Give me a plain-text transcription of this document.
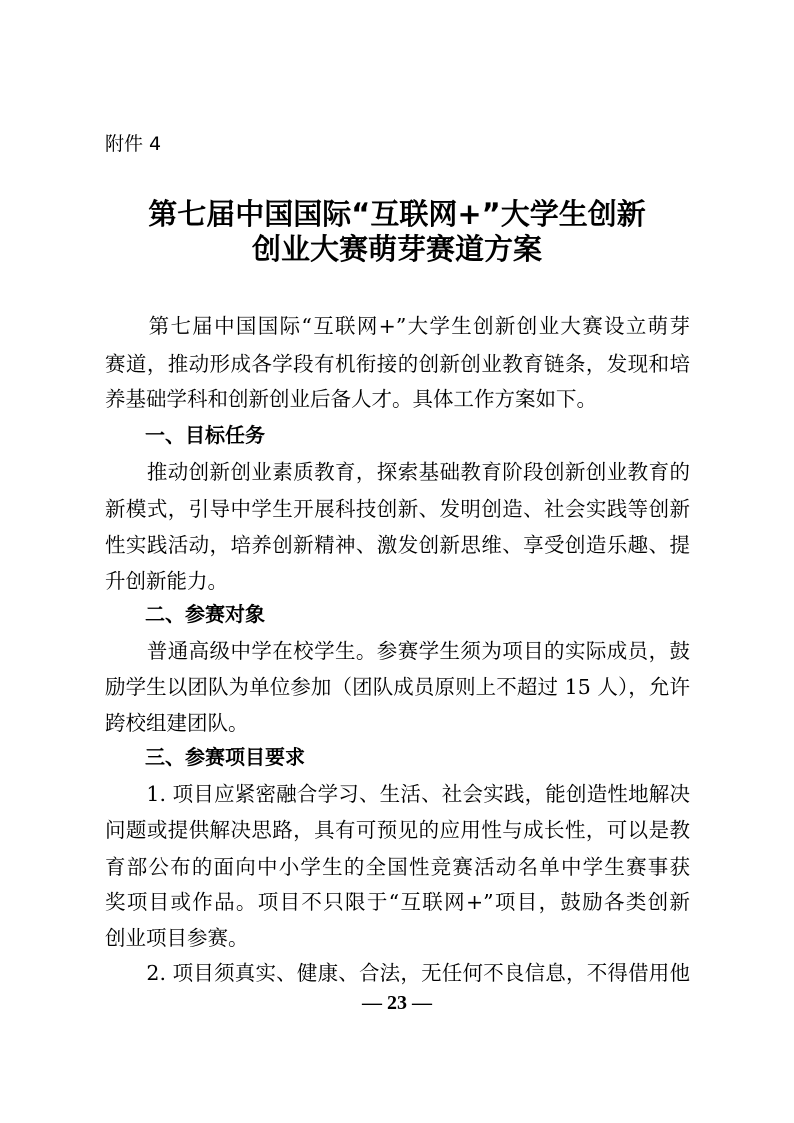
附件 4
第七届中国国际“互联网+”大学生创新
创业大赛萌芽赛道方案
　　第七届中国国际“互联网+”大学生创新创业大赛设立萌芽
赛道，推动形成各学段有机衔接的创新创业教育链条，发现和培
养基础学科和创新创业后备人才。具体工作方案如下。
一、目标任务
　　推动创新创业素质教育，探索基础教育阶段创新创业教育的
新模式，引导中学生开展科技创新、发明创造、社会实践等创新
性实践活动，培养创新精神、激发创新思维、享受创造乐趣、提
升创新能力。
二、参赛对象
　　普通高级中学在校学生。参赛学生须为项目的实际成员，鼓
励学生以团队为单位参加（团队成员原则上不超过 15 人），允许
跨校组建团队。
三、参赛项目要求
　　1. 项目应紧密融合学习、生活、社会实践，能创造性地解决
问题或提供解决思路，具有可预见的应用性与成长性，可以是教
育部公布的面向中小学生的全国性竞赛活动名单中学生赛事获
奖项目或作品。项目不只限于“互联网+”项目，鼓励各类创新
创业项目参赛。
　　2. 项目须真实、健康、合法，无任何不良信息，不得借用他
— 23 —
